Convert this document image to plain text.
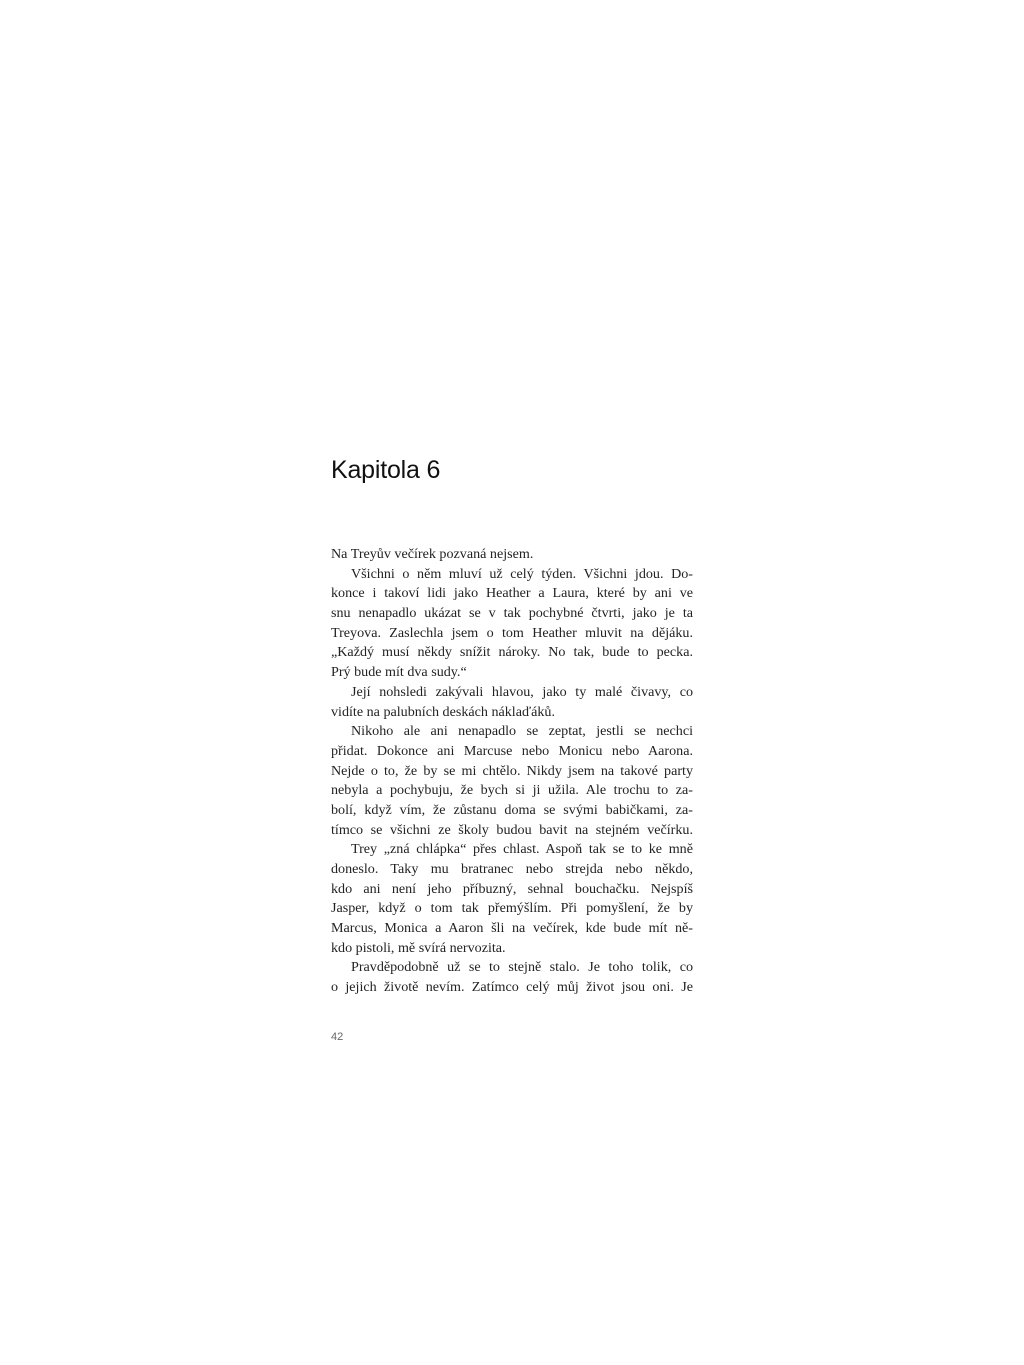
Kapitola 6
Na Treyův večírek pozvaná nejsem.
Všichni o něm mluví už celý týden. Všichni jdou. Do-
konce i takoví lidi jako Heather a Laura, které by ani ve
snu nenapadlo ukázat se v tak pochybné čtvrti, jako je ta
Treyova. Zaslechla jsem o tom Heather mluvit na dějáku.
„Každý musí někdy snížit nároky. No tak, bude to pecka.
Prý bude mít dva sudy.“
Její nohsledi zakývali hlavou, jako ty malé čivavy, co
vidíte na palubních deskách náklaďáků.
Nikoho ale ani nenapadlo se zeptat, jestli se nechci
přidat. Dokonce ani Marcuse nebo Monicu nebo Aarona.
Nejde o to, že by se mi chtělo. Nikdy jsem na takové party
nebyla a pochybuju, že bych si ji užila. Ale trochu to za-
bolí, když vím, že zůstanu doma se svými babičkami, za-
tímco se všichni ze školy budou bavit na stejném večírku.
Trey „zná chlápka“ přes chlast. Aspoň tak se to ke mně
doneslo. Taky mu bratranec nebo strejda nebo někdo,
kdo ani není jeho příbuzný, sehnal bouchačku. Nejspíš
Jasper, když o tom tak přemýšlím. Při pomyšlení, že by
Marcus, Monica a Aaron šli na večírek, kde bude mít ně-
kdo pistoli, mě svírá nervozita.
Pravděpodobně už se to stejně stalo. Je toho tolik, co
o jejich životě nevím. Zatímco celý můj život jsou oni. Je

42
